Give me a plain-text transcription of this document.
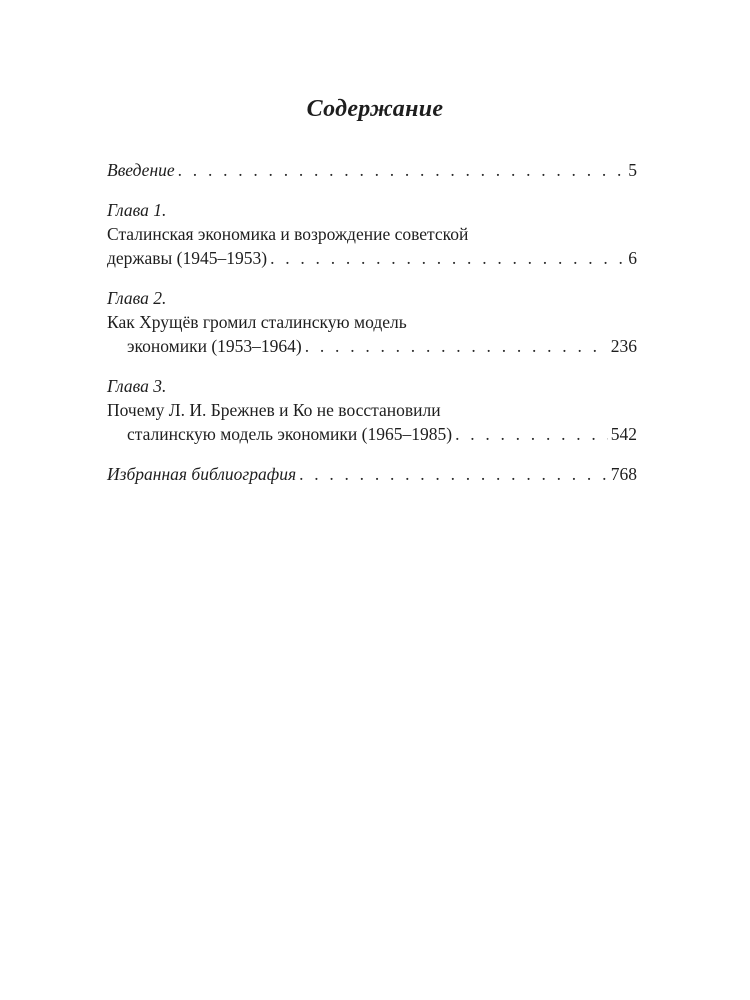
Содержание
Введение . . .	5
Глава 1.
Сталинская экономика и возрождение советской
державы (1945–1953) . . .	6
Глава 2.
Как Хрущёв громил сталинскую модель
экономики (1953–1964) . . .	236
Глава 3.
Почему Л. И. Брежнев и Ко не восстановили
сталинскую модель экономики (1965–1985) . . .	542
Избранная библиография . . .	768
